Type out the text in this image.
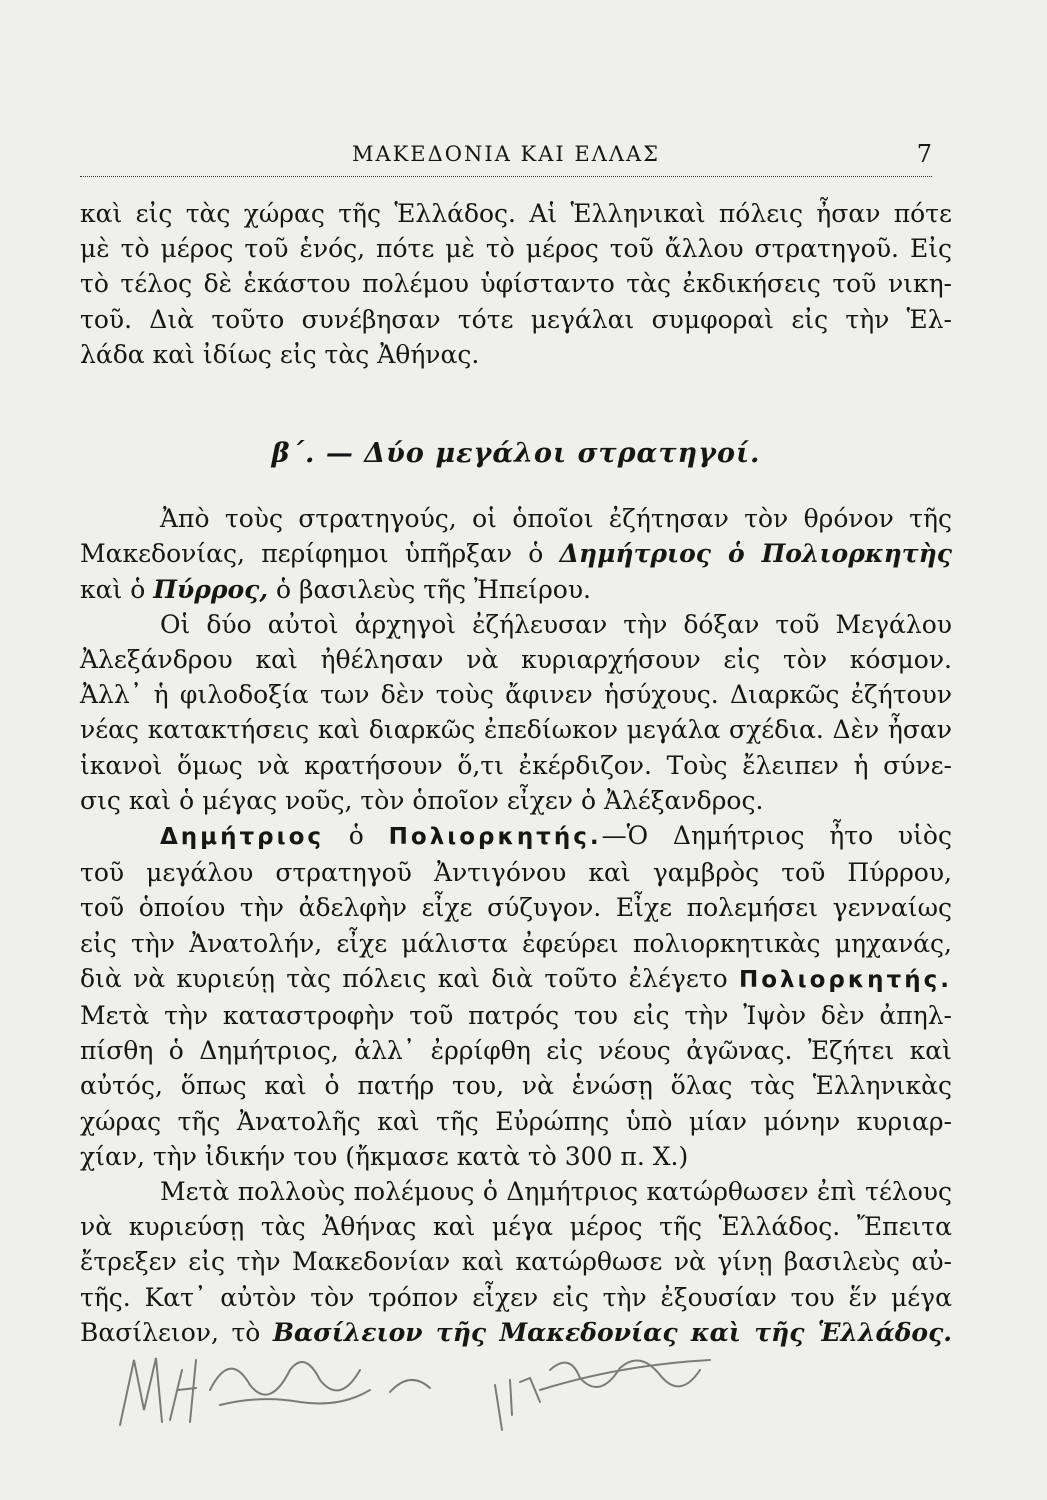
ΜΑΚΕΔΟΝΙΑ ΚΑΙ ΕΛΛΑΣ	7

καὶ εἰς τὰς χώρας τῆς Ἑλλάδος. Αἱ Ἑλληνικαὶ πόλεις ἦσαν πότε

μὲ τὸ μέρος τοῦ ἑνός, πότε μὲ τὸ μέρος τοῦ ἄλλου στρατηγοῦ. Εἰς

τὸ τέλος δὲ ἑκάστου πολέμου ὑφίσταντο τὰς ἐκδικήσεις τοῦ νικη-

τοῦ. Διὰ τοῦτο συνέβησαν τότε μεγάλαι συμφοραὶ εἰς τὴν Ἑλ-

λάδα καὶ ἰδίως εἰς τὰς Ἀθήνας.

β΄. — Δύο μεγάλοι στρατηγοί.

Ἀπὸ τοὺς στρατηγούς, οἱ ὁποῖοι ἐζήτησαν τὸν θρόνον τῆς

Μακεδονίας, περίφημοι ὑπῆρξαν ὁ Δημήτριος ὁ Πολιορκητὴς

καὶ ὁ Πύρρος, ὁ βασιλεὺς τῆς Ἠπείρου.

Οἱ δύο αὐτοὶ ἀρχηγοὶ ἐζήλευσαν τὴν δόξαν τοῦ Μεγάλου

Ἀλεξάνδρου καὶ ἠθέλησαν νὰ κυριαρχήσουν εἰς τὸν κόσμον.

Ἀλλ᾽ ἡ φιλοδοξία των δὲν τοὺς ἄφινεν ἡσύχους. Διαρκῶς ἐζήτουν

νέας κατακτήσεις καὶ διαρκῶς ἐπεδίωκον μεγάλα σχέδια. Δὲν ἦσαν

ἱκανοὶ ὅμως νὰ κρατήσουν ὅ,τι ἐκέρδιζον. Τοὺς ἔλειπεν ἡ σύνε-

σις καὶ ὁ μέγας νοῦς, τὸν ὁποῖον εἶχεν ὁ Ἀλέξανδρος.

Δημήτριος ὁ Πολιορκητής.—Ὁ Δημήτριος ἦτο υἱὸς

τοῦ μεγάλου στρατηγοῦ Ἀντιγόνου καὶ γαμβρὸς τοῦ Πύρρου,

τοῦ ὁποίου τὴν ἀδελφὴν εἶχε σύζυγον. Εἶχε πολεμήσει γενναίως

εἰς τὴν Ἀνατολήν, εἶχε μάλιστα ἐφεύρει πολιορκητικὰς μηχανάς,

διὰ νὰ κυριεύῃ τὰς πόλεις καὶ διὰ τοῦτο ἐλέγετο Πολιορκητής.

Μετὰ τὴν καταστροφὴν τοῦ πατρός του εἰς τὴν Ἰψὸν δὲν ἀπηλ-

πίσθη ὁ Δημήτριος, ἀλλ᾽ ἐρρίφθη εἰς νέους ἀγῶνας. Ἐζήτει καὶ

αὐτός, ὅπως καὶ ὁ πατήρ του, νὰ ἑνώσῃ ὅλας τὰς Ἑλληνικὰς

χώρας τῆς Ἀνατολῆς καὶ τῆς Εὐρώπης ὑπὸ μίαν μόνην κυριαρ-

χίαν, τὴν ἰδικήν του (ἤκμασε κατὰ τὸ 300 π. Χ.)

Μετὰ πολλοὺς πολέμους ὁ Δημήτριος κατώρθωσεν ἐπὶ τέλους

νὰ κυριεύσῃ τὰς Ἀθήνας καὶ μέγα μέρος τῆς Ἑλλάδος. Ἔπειτα

ἔτρεξεν εἰς τὴν Μακεδονίαν καὶ κατώρθωσε νὰ γίνῃ βασιλεὺς αὐ-

τῆς. Κατ᾽ αὐτὸν τὸν τρόπον εἶχεν εἰς τὴν ἐξουσίαν του ἕν μέγα

Βασίλειον, τὸ Βασίλειον τῆς Μακεδονίας καὶ τῆς Ἑλλάδος.
